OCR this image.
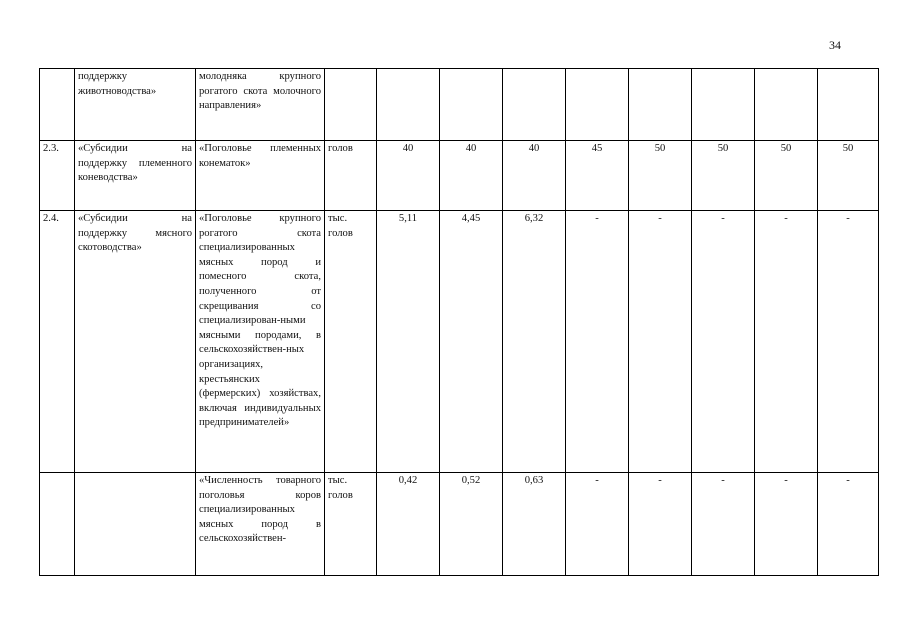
34
	поддержку животноводства»	молодняка крупного рогатого скота молочного направления»									
2.3.	«Субсидии на поддержку племенного коневодства»	«Поголовье племенных конематок»	голов	40	40	40	45	50	50	50	50
2.4.	«Субсидии на поддержку мясного скотоводства»	«Поголовье крупного рогатого скота специализированных мясных пород и помесного скота, полученного от скрещивания со специализирован-ными мясными породами, в сельскохозяйствен-ных организациях, крестьянских (фермерских) хозяйствах, включая индивидуальных предпринимателей»	тыс. голов	5,11	4,45	6,32	-	-	-	-	-
		«Численность товарного поголовья коров специализированных мясных пород в сельскохозяйствен-	тыс. голов	0,42	0,52	0,63	-	-	-	-	-
